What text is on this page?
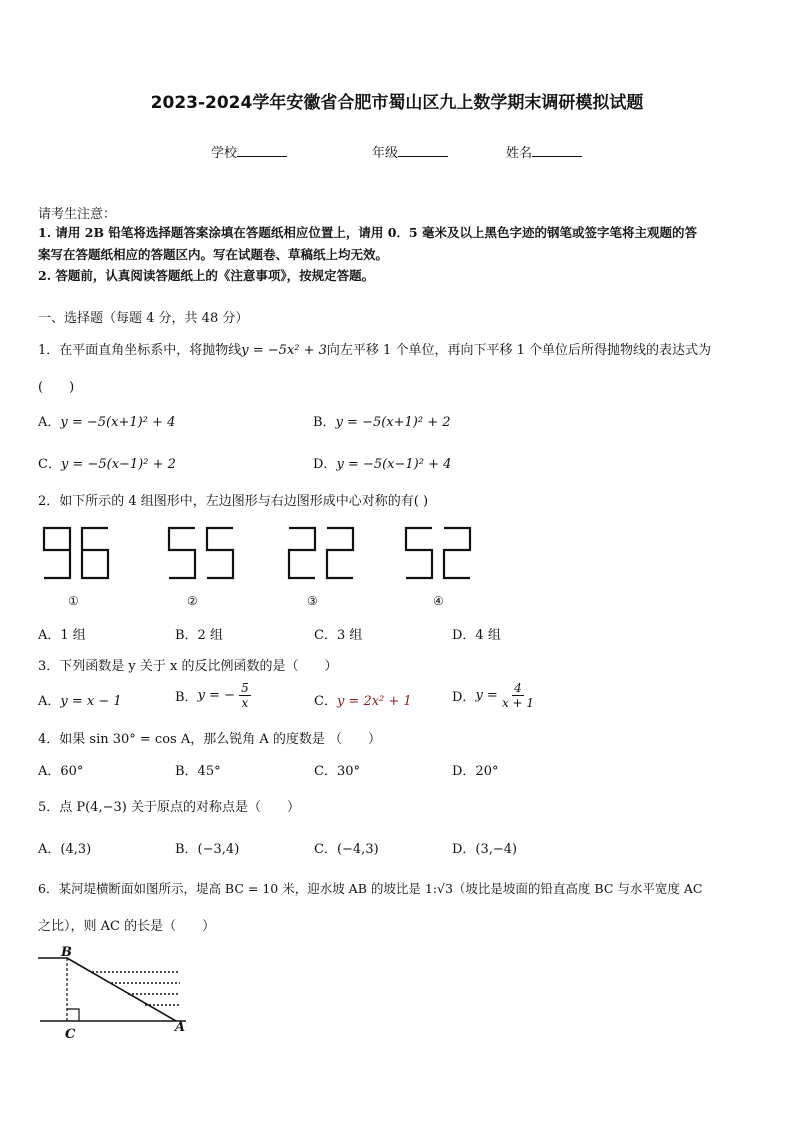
2023-2024学年安徽省合肥市蜀山区九上数学期末调研模拟试题
学校	年级	姓名
请考生注意：
1. 请用 2B 铅笔将选择题答案涂填在答题纸相应位置上，请用 0．5 毫米及以上黑色字迹的钢笔或签字笔将主观题的答
案写在答题纸相应的答题区内。写在试题卷、草稿纸上均无效。
2. 答题前，认真阅读答题纸上的《注意事项》，按规定答题。
一、选择题（每题 4 分，共 48 分）
1．在平面直角坐标系中，将抛物线y = −5x² + 3向左平移 1 个单位，再向下平移 1 个单位后所得抛物线的表达式为
(　　)
A．y = −5(x+1)² + 4	B．y = −5(x+1)² + 2
C．y = −5(x−1)² + 2	D．y = −5(x−1)² + 4
2．如下所示的 4 组图形中，左边图形与右边图形成中心对称的有( )
①	②	③	④
A．1 组	B．2 组	C．3 组	D．4 组
3．下列函数是 y 关于 x 的反比例函数的是（　　）
A．y = x − 1	B．y = − $\frac{5}{x}$	C．y = 2x² + 1	D．$y = \frac{4}{x + 1}$
4．如果 sin 30° = cos A，那么锐角 A 的度数是 （　　）
A．60°	B．45°	C．30°	D．20°
5．点 P(4,−3) 关于原点的对称点是（　　）
A．(4,3)	B．(−3,4)	C．(−4,3)	D．(3,−4)
6．某河堤横断面如图所示，堤高 BC = 10 米，迎水坡 AB 的坡比是 1:√3（坡比是坡面的铅直高度 BC 与水平宽度 AC
之比），则 AC 的长是（　　）
B
C	A
